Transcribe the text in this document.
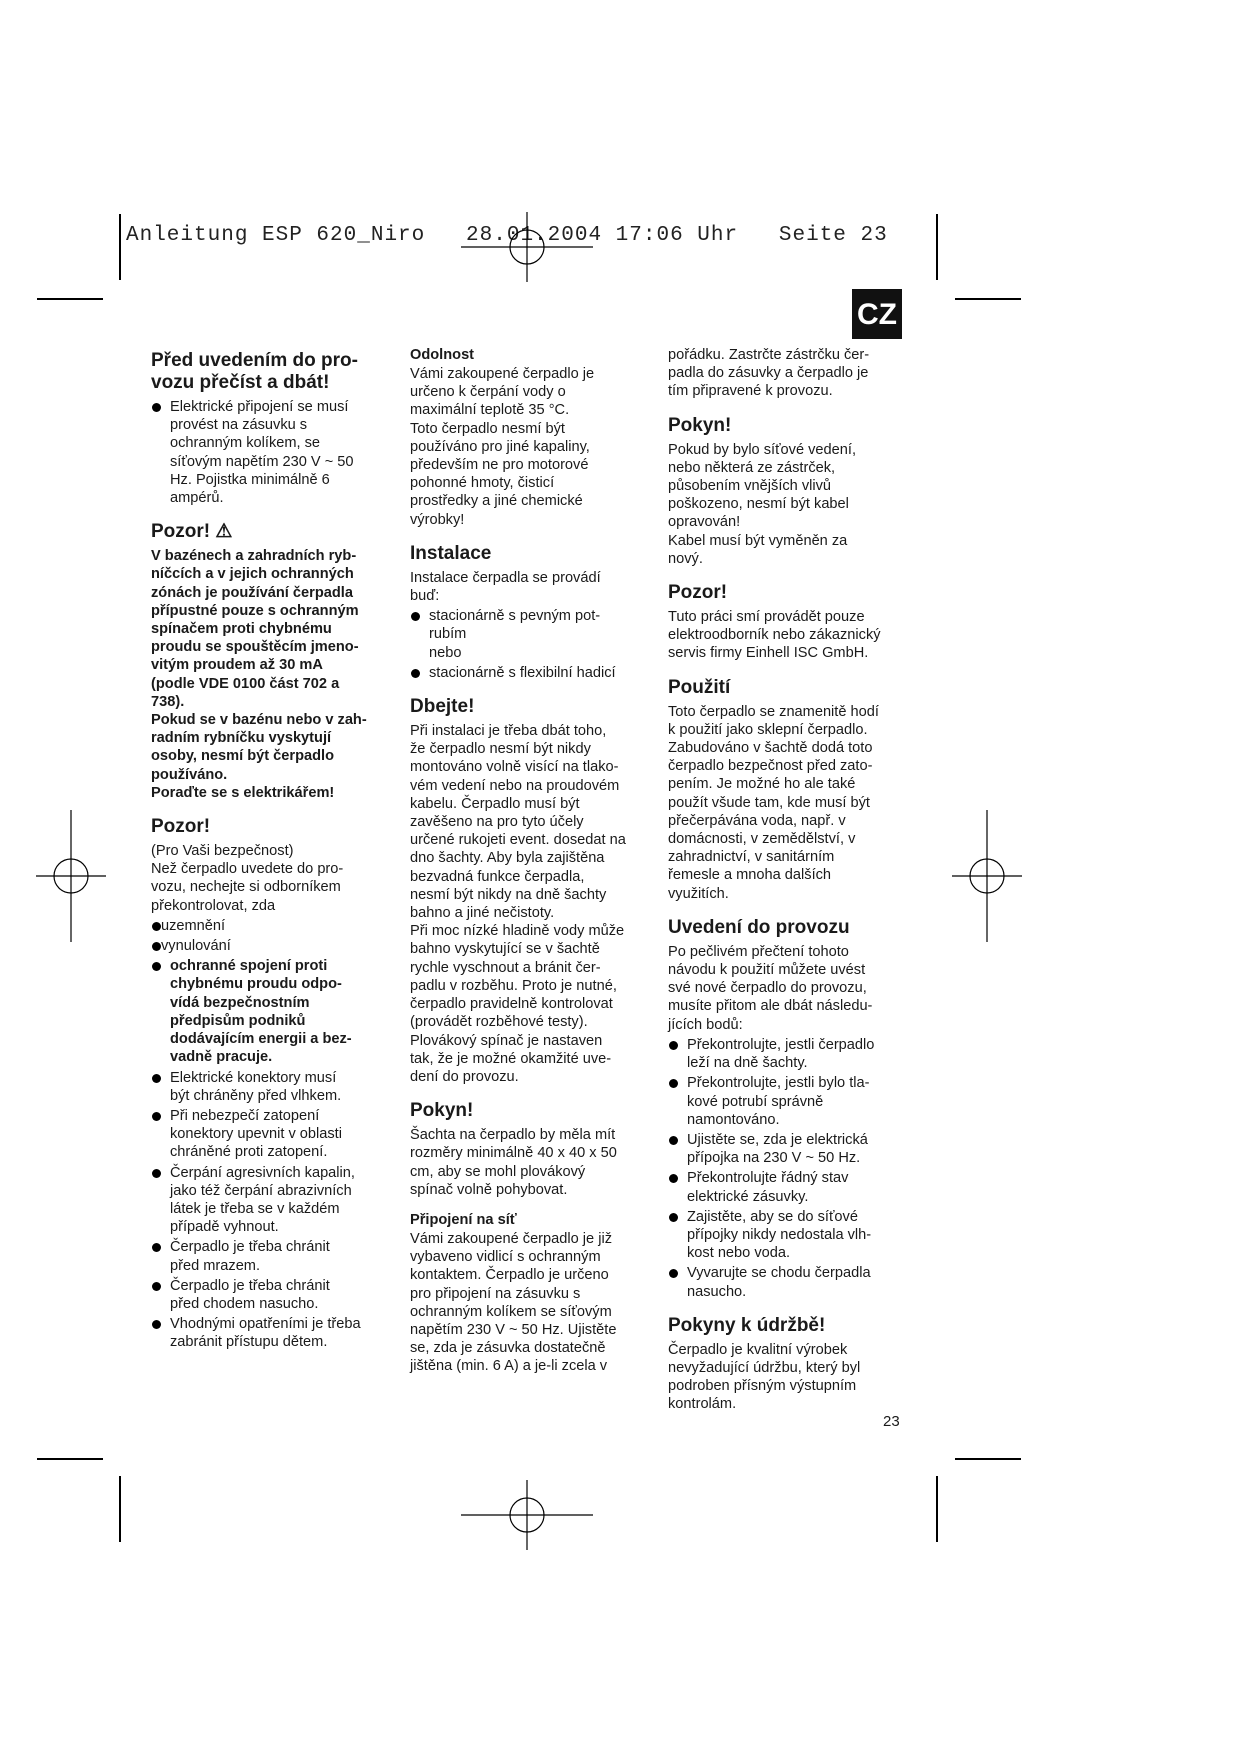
Anleitung ESP 620_Niro   28.01.2004 17:06 Uhr   Seite 23
CZ
Před uvedením do pro-
vozu přečíst a dbát!
Elektrické připojení se musí
provést na zásuvku s
ochranným kolíkem, se
síťovým napětím 230 V ~ 50
Hz. Pojistka minimálně 6
ampérů.
Pozor! ⚠

V bazénech a zahradních ryb-
níčcích a v jejich ochranných
zónách je používání čerpadla
přípustné pouze s ochranným
spínačem proti chybnému
proudu se spouštěcím jmeno-
vitým proudem až 30 mA
(podle VDE 0100 část 702 a
738).
Pokud se v bazénu nebo v zah-
radním rybníčku vyskytují
osoby, nesmí být čerpadlo
používáno.
Poraďte se s elektrikářem!

Pozor!

(Pro Vaši bezpečnost)
Než čerpadlo uvedete do pro-
vozu, nechejte si odborníkem
překontrolovat, zda

uzemnění
vynulování
ochranné spojení proti
chybnému proudu odpo-
vídá bezpečnostním
předpisům podniků
dodávajícím energii a bez-
vadně pracuje.
Elektrické konektory musí
být chráněny před vlhkem.
Při nebezpečí zatopení
konektory upevnit v oblasti
chráněné proti zatopení.
Čerpání agresivních kapalin,
jako též čerpání abrazivních
látek je třeba se v každém
případě vyhnout.
Čerpadlo je třeba chránit
před mrazem.
Čerpadlo je třeba chránit
před chodem nasucho.
Vhodnými opatřeními je třeba
zabránit přístupu dětem.
Odolnost

Vámi zakoupené čerpadlo je
určeno k čerpání vody o
maximální teplotě 35 °C.
Toto čerpadlo nesmí být
používáno pro jiné kapaliny,
především ne pro motorové
pohonné hmoty, čisticí
prostředky a jiné chemické
výrobky!

Instalace

Instalace čerpadla se provádí
buď:

stacionárně s pevným pot-
rubím
nebo
stacionárně s flexibilní hadicí
Dbejte!

Při instalaci je třeba dbát toho,
že čerpadlo nesmí být nikdy
montováno volně visící na tlako-
vém vedení nebo na proudovém
kabelu. Čerpadlo musí být
zavěšeno na pro tyto účely
určené rukojeti event. dosedat na
dno šachty. Aby byla zajištěna
bezvadná funkce čerpadla,
nesmí být nikdy na dně šachty
bahno a jiné nečistoty.
Při moc nízké hladině vody může
bahno vyskytující se v šachtě
rychle vyschnout a bránit čer-
padlu v rozběhu. Proto je nutné,
čerpadlo pravidelně kontrolovat
(provádět rozběhové testy).
Plovákový spínač je nastaven
tak, že je možné okamžité uve-
dení do provozu.

Pokyn!

Šachta na čerpadlo by měla mít
rozměry minimálně 40 x 40 x 50
cm, aby se mohl plovákový
spínač volně pohybovat.

Připojení na síť

Vámi zakoupené čerpadlo je již
vybaveno vidlicí s ochranným
kontaktem. Čerpadlo je určeno
pro připojení na zásuvku s
ochranným kolíkem se síťovým
napětím 230 V ~ 50 Hz. Ujistěte
se, zda je zásuvka dostatečně
jištěna (min. 6 A) a je-li zcela v

pořádku. Zastrčte zástrčku čer-
padla do zásuvky a čerpadlo je
tím připravené k provozu.

Pokyn!

Pokud by bylo síťové vedení,
nebo některá ze zástrček,
působením vnějších vlivů
poškozeno, nesmí být kabel
opravován!
Kabel musí být vyměněn za
nový.

Pozor!

Tuto práci smí provádět pouze
elektroodborník nebo zákaznický
servis firmy Einhell ISC GmbH.

Použití

Toto čerpadlo se znamenitě hodí
k použití jako sklepní čerpadlo.
Zabudováno v šachtě dodá toto
čerpadlo bezpečnost před zato-
pením. Je možné ho ale také
použít všude tam, kde musí být
přečerpávána voda, např. v
domácnosti, v zemědělství, v
zahradnictví, v sanitárním
řemesle a mnoha dalších
využitích.

Uvedení do provozu

Po pečlivém přečtení tohoto
návodu k použití můžete uvést
své nové čerpadlo do provozu,
musíte přitom ale dbát následu-
jících bodů:

Překontrolujte, jestli čerpadlo
leží na dně šachty.
Překontrolujte, jestli bylo tla-
kové potrubí správně
namontováno.
Ujistěte se, zda je elektrická
přípojka na 230 V ~ 50 Hz.
Překontrolujte řádný stav
elektrické zásuvky.
Zajistěte, aby se do síťové
přípojky nikdy nedostala vlh-
kost nebo voda.
Vyvarujte se chodu čerpadla
nasucho.
Pokyny k údržbě!

Čerpadlo je kvalitní výrobek
nevyžadující údržbu, který byl
podroben přísným výstupním
kontrolám.

23
